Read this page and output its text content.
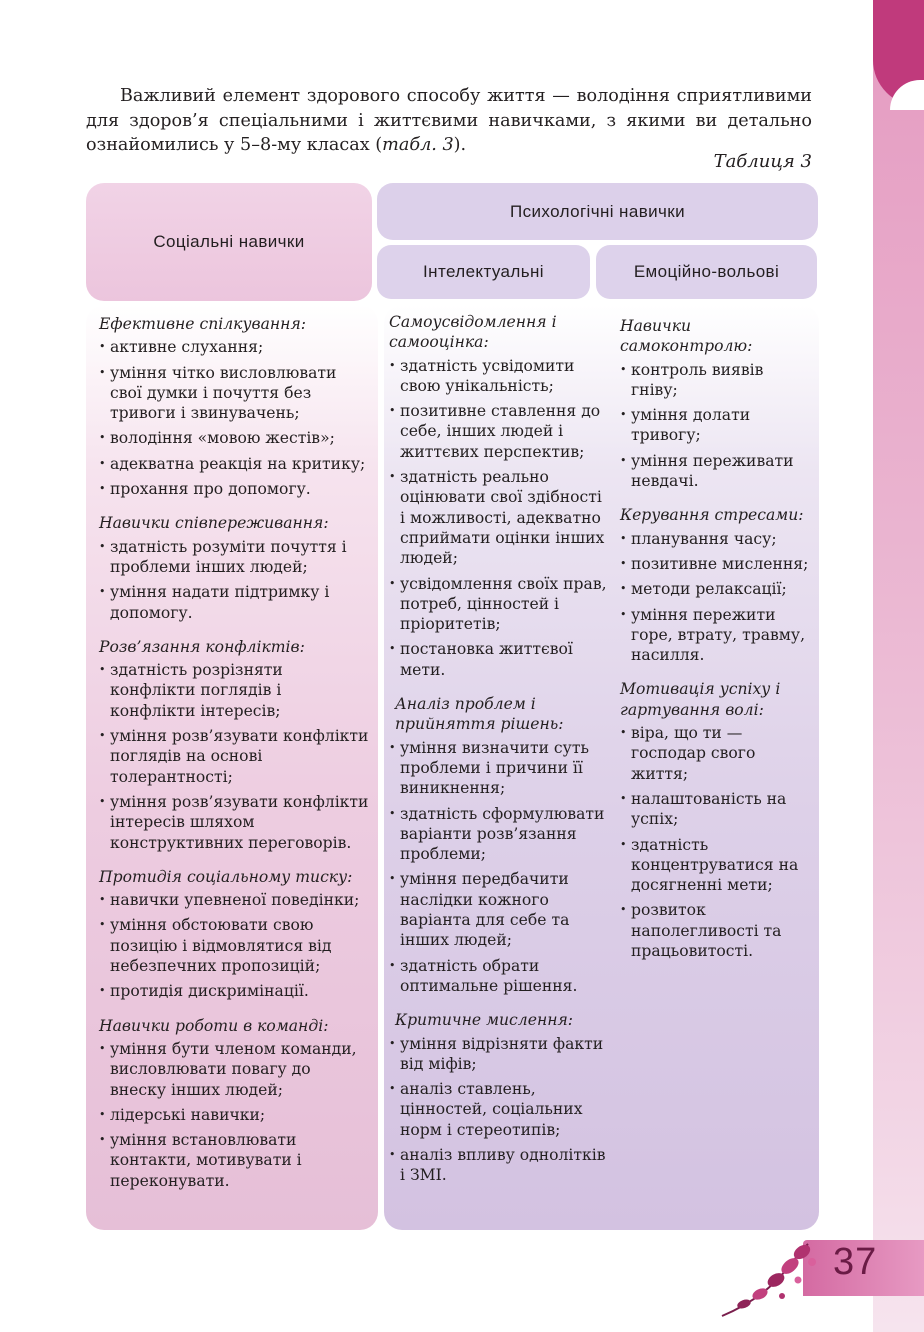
Важливий елемент здорового способу життя — володіння сприятливими для здоров’я спеціальними і життєвими навичками, з якими ви детально ознайомились у 5–8-му класах (табл. 3).

Таблиця 3
Соціальні навички
Психологічні навички
Інтелектуальні	Емоційно-вольові
Ефективне спілкування:
• активне слухання;
• уміння чітко висловлювати свої думки і почуття без тривоги і звинувачень;
• володіння «мовою жестів»;
• адекватна реакція на критику;
• прохання про допомогу.
Навички співпереживання:
• здатність розуміти почуття і проблеми інших людей;
• уміння надати підтримку і допомогу.
Розв’язання конфліктів:
• здатність розрізняти конфлікти поглядів і конфлікти інтересів;
• уміння розв’язувати конфлікти поглядів на основі толерантності;
• уміння розв’язувати конфлікти інтересів шляхом конструктивних переговорів.
Протидія соціальному тиску:
• навички упевненої поведінки;
• уміння обстоювати свою позицію і відмовлятися від небезпечних пропозицій;
• протидія дискримінації.
Навички роботи в команді:
• уміння бути членом команди, висловлювати повагу до внеску інших людей;
• лідерські навички;
• уміння встановлювати контакти, мотивувати і переконувати.
Самоусвідомлення і самооцінка:
• здатність усвідомити свою унікальність;
• позитивне ставлення до себе, інших людей і життєвих перспектив;
• здатність реально оцінювати свої здібності і можливості, адекватно сприймати оцінки інших людей;
• усвідомлення своїх прав, потреб, цінностей і пріоритетів;
• постановка життєвої мети.
Аналіз проблем і прийняття рішень:
• уміння визначити суть проблеми і причини її виникнення;
• здатність сформулювати варіанти розв’язання проблеми;
• уміння передбачити наслідки кожного варіанта для себе та інших людей;
• здатність обрати оптимальне рішення.
Критичне мислення:
• уміння відрізняти факти від міфів;
• аналіз ставлень, цінностей, соціальних норм і стереотипів;
• аналіз впливу однолітків і ЗМІ.
Навички самоконтролю:
• контроль виявів гніву;
• уміння долати тривогу;
• уміння переживати невдачі.
Керування стресами:
• планування часу;
• позитивне мислення;
• методи релаксації;
• уміння пережити горе, втрату, травму, насилля.
Мотивація успіху і гартування волі:
• віра, що ти — господар свого життя;
• налаштованість на успіх;
• здатність концентруватися на досягненні мети;
• розвиток наполегливості та працьовитості.
37
